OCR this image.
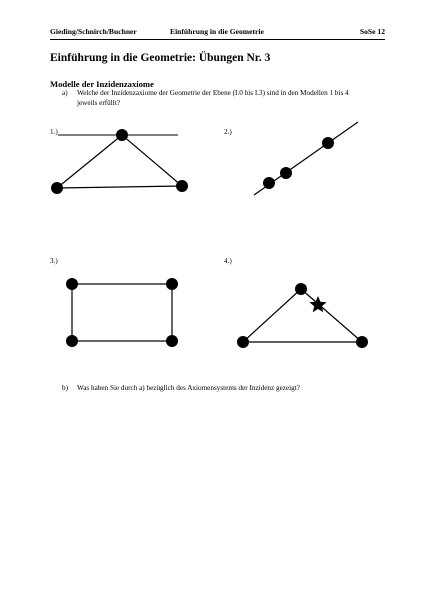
Gieding/Schnirch/Buchner	Einführung in die Geometrie	SoSe 12
Einführung in die Geometrie: Übungen Nr. 3
Modelle der Inzidenzaxiome
a) Welche der Inzidenzaxiome der Geometrie der Ebene (I.0 bis I.3) sind in den Modellen 1 bis 4 jeweils erfüllt?
1.)	2.)
3.)	4.)
b) Was haben Sie durch a) bezüglich des Axiomensystems der Inzidenz gezeigt?
